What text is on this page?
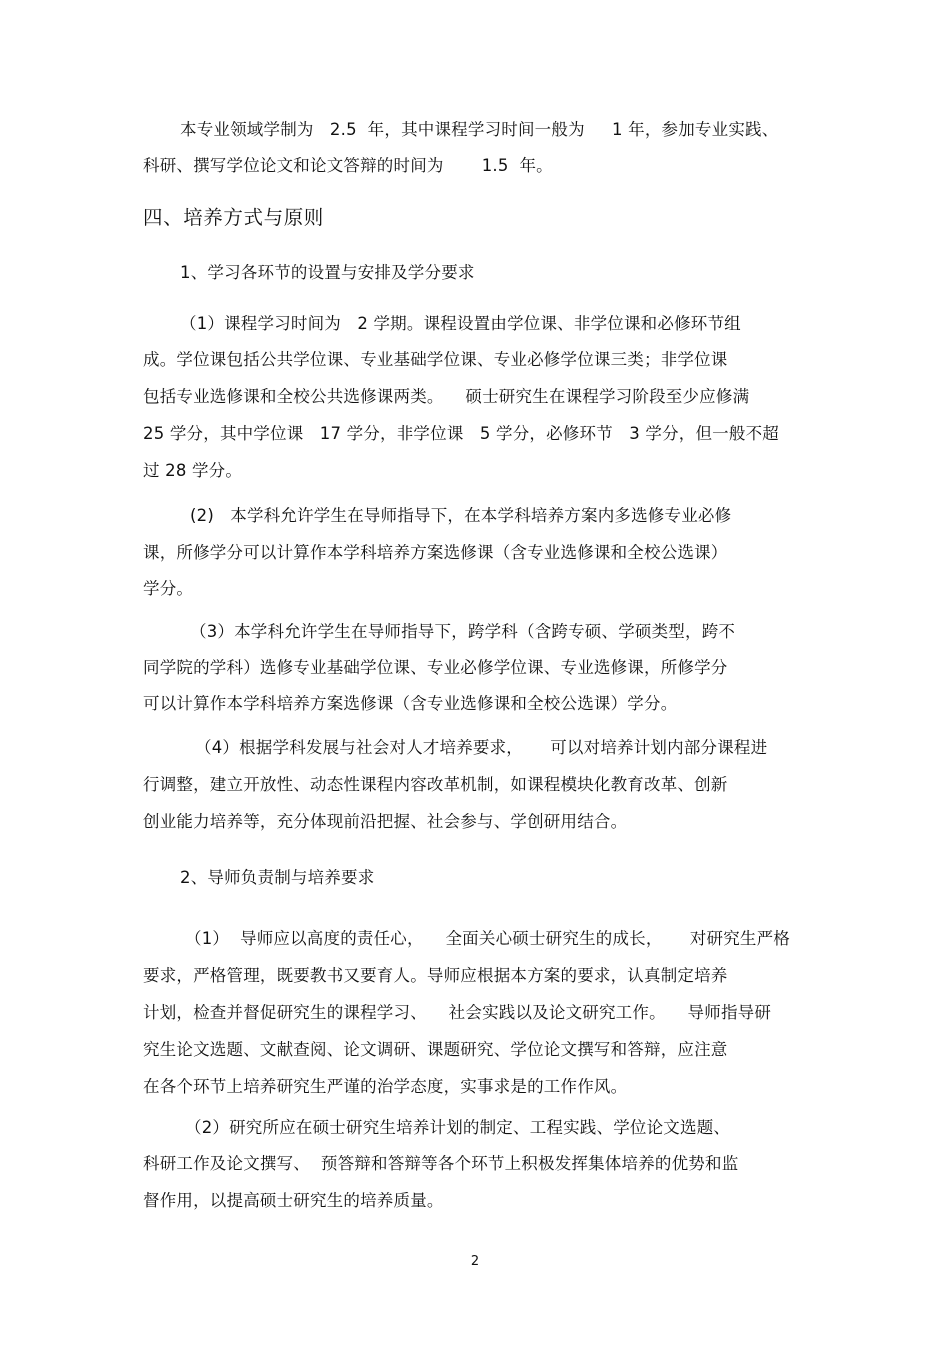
本专业领域学制为   2.5  年，其中课程学习时间一般为     1 年，参加专业实践、
科研、撰写学位论文和论文答辩的时间为       1.5  年。
四、培养方式与原则
1、学习各环节的设置与安排及学分要求
（1）课程学习时间为   2 学期。课程设置由学位课、非学位课和必修环节组
成。学位课包括公共学位课、专业基础学位课、专业必修学位课三类；非学位课
包括专业选修课和全校公共选修课两类。    硕士研究生在课程学习阶段至少应修满
25 学分，其中学位课   17 学分，非学位课   5 学分，必修环节   3 学分，但一般不超
过 28 学分。
(2)   本学科允许学生在导师指导下，在本学科培养方案内多选修专业必修
课，所修学分可以计算作本学科培养方案选修课（含专业选修课和全校公选课）
学分。
（3）本学科允许学生在导师指导下，跨学科（含跨专硕、学硕类型，跨不
同学院的学科）选修专业基础学位课、专业必修学位课、专业选修课，所修学分
可以计算作本学科培养方案选修课（含专业选修课和全校公选课）学分。
（4）根据学科发展与社会对人才培养要求，     可以对培养计划内部分课程进
行调整，建立开放性、动态性课程内容改革机制，如课程模块化教育改革、创新
创业能力培养等，充分体现前沿把握、社会参与、学创研用结合。
2、导师负责制与培养要求
（1）  导师应以高度的责任心，    全面关心硕士研究生的成长，     对研究生严格
要求，严格管理，既要教书又要育人。导师应根据本方案的要求，认真制定培养
计划，检查并督促研究生的课程学习、    社会实践以及论文研究工作。    导师指导研
究生论文选题、文献查阅、论文调研、课题研究、学位论文撰写和答辩，应注意
在各个环节上培养研究生严谨的治学态度，实事求是的工作作风。
（2）研究所应在硕士研究生培养计划的制定、工程实践、学位论文选题、
科研工作及论文撰写、  预答辩和答辩等各个环节上积极发挥集体培养的优势和监
督作用，以提高硕士研究生的培养质量。
2
